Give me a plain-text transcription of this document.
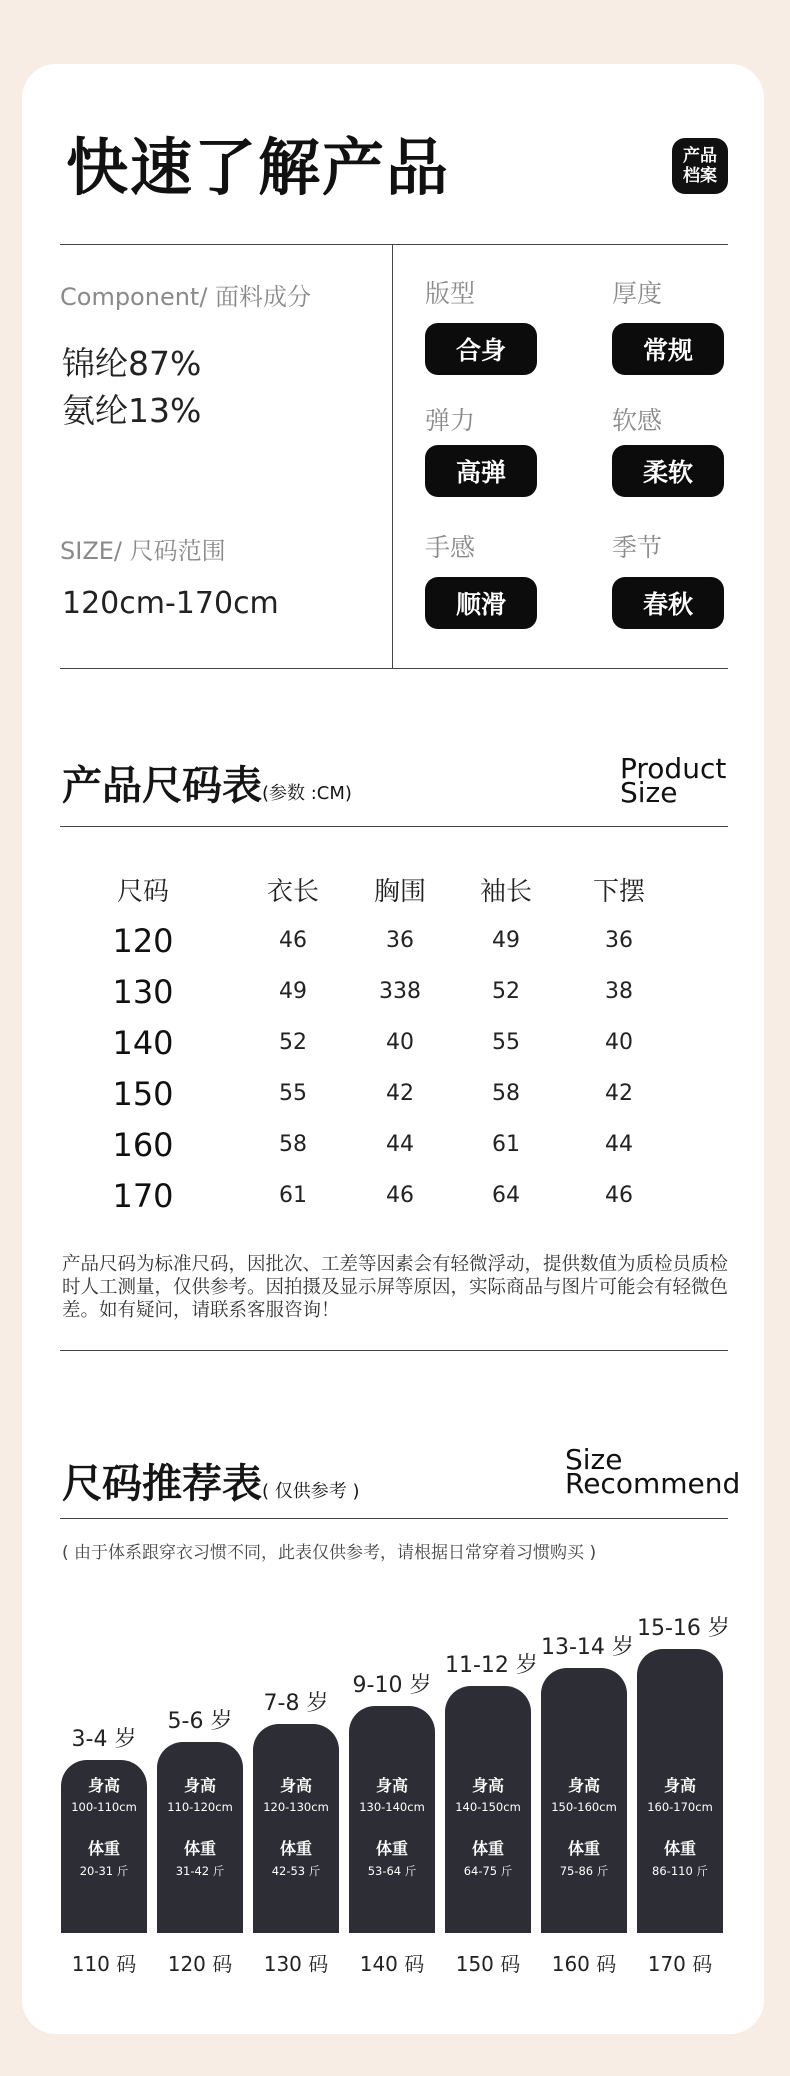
快速了解产品	产品
档案
Component/ 面料成分
锦纶87%
氨纶13%
SIZE/ 尺码范围
120cm-170cm
版型
合身
厚度
常规
弹力
高弹
软感
柔软
手感
顺滑
季节
春秋
产品尺码表(参数 :CM)
Product
Size
尺码	衣长	胸围	袖长	下摆
120	46	36	49	36
130	49	338	52	38
140	52	40	55	40
150	55	42	58	42
160	58	44	61	44
170	61	46	64	46
产品尺码为标准尺码，因批次、工差等因素会有轻微浮动，提供数值为质检员质检时人工测量，仅供参考。因拍摄及显示屏等原因，实际商品与图片可能会有轻微色差。如有疑问，请联系客服咨询！
尺码推荐表( 仅供参考 )
Size
Recommend
( 由于体系跟穿衣习惯不同，此表仅供参考，请根据日常穿着习惯购买 )
身高
100-110cm
体重
20-31 斤
3-4 岁
110 码
身高
110-120cm
体重
31-42 斤
5-6 岁
120 码
身高
120-130cm
体重
42-53 斤
7-8 岁
130 码
身高
130-140cm
体重
53-64 斤
9-10 岁
140 码
身高
140-150cm
体重
64-75 斤
11-12 岁
150 码
身高
150-160cm
体重
75-86 斤
13-14 岁
160 码
身高
160-170cm
体重
86-110 斤
15-16 岁
170 码
